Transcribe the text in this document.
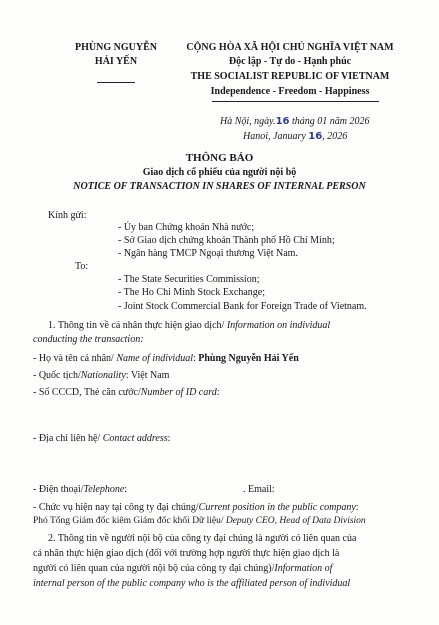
PHÙNG NGUYỄN
HẢI YẾN
CỘNG HÒA XÃ HỘI CHỦ NGHĨA VIỆT NAM
Độc lập - Tự do - Hạnh phúc
THE SOCIALIST REPUBLIC OF VIETNAM
Independence - Freedom - Happiness
Hà Nội, ngày.16 tháng 01 năm 2026
Hanoi, January 16, 2026
THÔNG BÁO
Giao dịch cổ phiếu của người nội bộ
NOTICE OF TRANSACTION IN SHARES OF INTERNAL PERSON
Kính gửi:
- Ủy ban Chứng khoán Nhà nước;
- Sở Giao dịch chứng khoán Thành phố Hồ Chí Minh;
- Ngân hàng TMCP Ngoại thương Việt Nam.
To:
- The State Securities Commission;
- The Ho Chi Minh Stock Exchange;
- Joint Stock Commercial Bank for Foreign Trade of Vietnam.
1. Thông tin về cá nhân thực hiện giao dịch/ Information on individual
conducting the transaction:
- Họ và tên cá nhân/ Name of individual: Phùng Nguyễn Hải Yến
- Quốc tịch/Nationality: Việt Nam
- Số CCCD, Thẻ căn cước/Number of ID card:
- Địa chỉ liên hệ/ Contact address:
- Điện thoại/Telephone:	. Email:
- Chức vụ hiện nay tại công ty đại chúng/Current position in the public company:
Phó Tổng Giám đốc kiêm Giám đốc khối Dữ liệu/ Deputy CEO, Head of Data Division
2. Thông tin về người nội bộ của công ty đại chúng là người có liên quan của
cá nhân thực hiện giao dịch (đối với trường hợp người thực hiện giao dịch là
người có liên quan của người nội bộ của công ty đại chúng)/Information of
internal person of the public company who is the affiliated person of individual
